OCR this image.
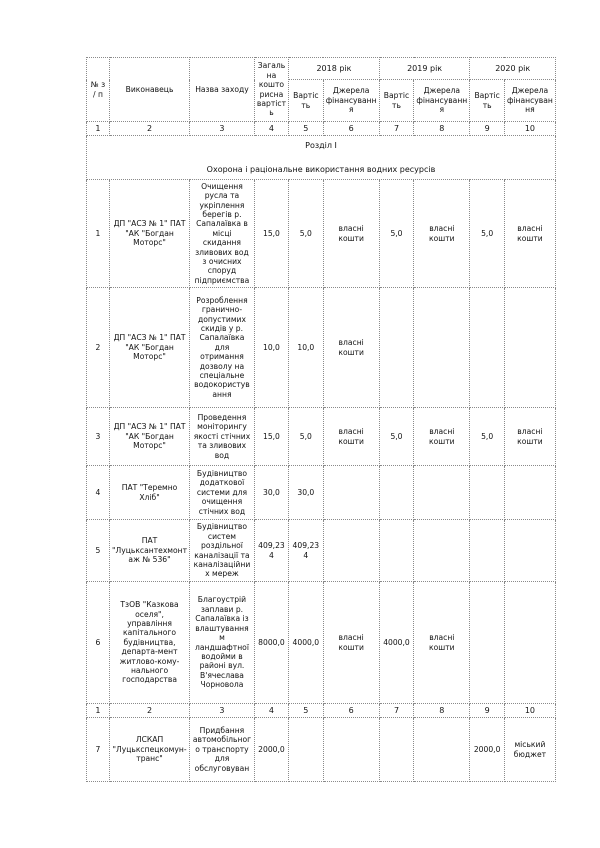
№ з / п	Виконавець	Назва заходу	Загальна кошторисна вартість	2018 рік		2019 рік		2020 рік	
				Вартість	Джерела фінансування	Вартість	Джерела фінансування	Вартість	Джерела фінансування
1	2	3	4	5	6	7	8	9	10

Розділ І
Охорона і раціональне використання водних ресурсів									
1	ДП "АСЗ № 1" ПАТ "АК "Богдан Моторс"	Очищення русла та укріплення берегів р. Сапалаївка в місці скидання зливових вод з очисних споруд підприємства	15,0	5,0	власні кошти	5,0	власні кошти	5,0	власні кошти
2	ДП "АСЗ № 1" ПАТ "АК "Богдан Моторс"	Розроблення гранично-допустимих скидів у р. Сапалаївка для отримання дозволу на спеціальне водокористування	10,0	10,0	власні кошти				
3	ДП "АСЗ № 1" ПАТ "АК "Богдан Моторс"	Проведення моніторингу якості стічних та зливових вод	15,0	5,0	власні кошти	5,0	власні кошти	5,0	власні кошти
4	ПАТ "Теремно Хліб"	Будівництво додаткової системи для очищення стічних вод	30,0	30,0					
5	ПАТ "Луцьксантехмонтаж № 536"	Будівництво систем роздільної каналізації та каналізаційних мереж	409,234	409,234					
6	ТзОВ "Казкова оселя", управління капітального будівництва, департа-мент житлово-кому-нального господарства	Благоустрій заплави р. Сапалаївка із влаштування м ландшафтної водойми в районі вул. В'ячеслава Чорновола	8000,0	4000,0	власні кошти	4000,0	власні кошти		
1	2	3	4	5	6	7	8	9	10
7	ЛСКАП "Луцькспецкомун-транс"	Придбання автомобільного транспорту для обслуговуван	2000,0					2000,0	міський бюджет
